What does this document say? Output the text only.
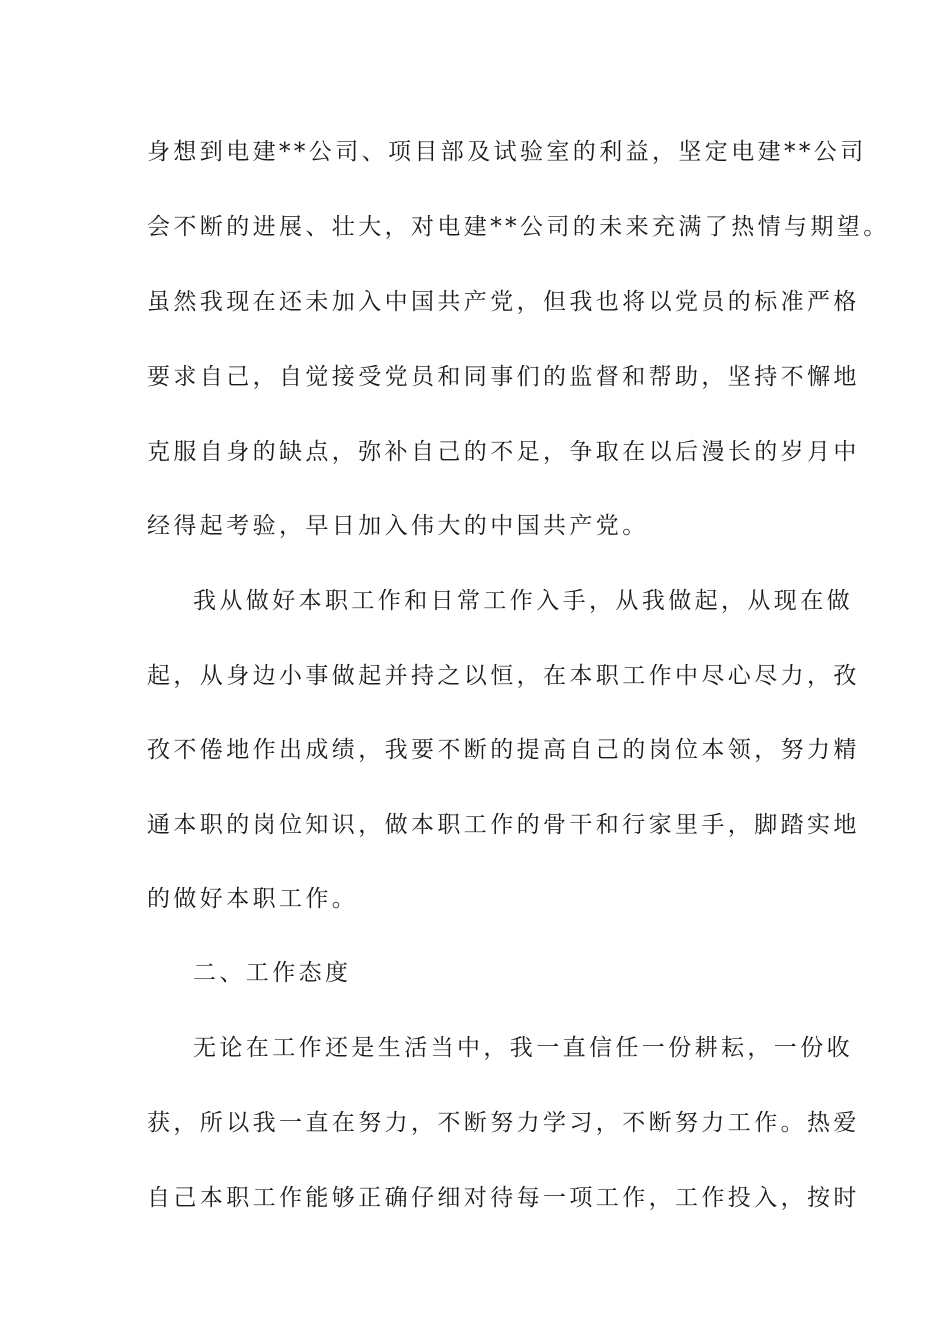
身想到电建**公司、项目部及试验室的利益，坚定电建**公司
会不断的进展、壮大，对电建**公司的未来充满了热情与期望。
虽然我现在还未加入中国共产党，但我也将以党员的标准严格
要求自己，自觉接受党员和同事们的监督和帮助，坚持不懈地
克服自身的缺点，弥补自己的不足，争取在以后漫长的岁月中
经得起考验，早日加入伟大的中国共产党。
我从做好本职工作和日常工作入手，从我做起，从现在做
起，从身边小事做起并持之以恒，在本职工作中尽心尽力，孜
孜不倦地作出成绩，我要不断的提高自己的岗位本领，努力精
通本职的岗位知识，做本职工作的骨干和行家里手，脚踏实地
的做好本职工作。
二、工作态度
无论在工作还是生活当中，我一直信任一份耕耘，一份收
获，所以我一直在努力，不断努力学习，不断努力工作。热爱
自己本职工作能够正确仔细对待每一项工作，工作投入，按时
